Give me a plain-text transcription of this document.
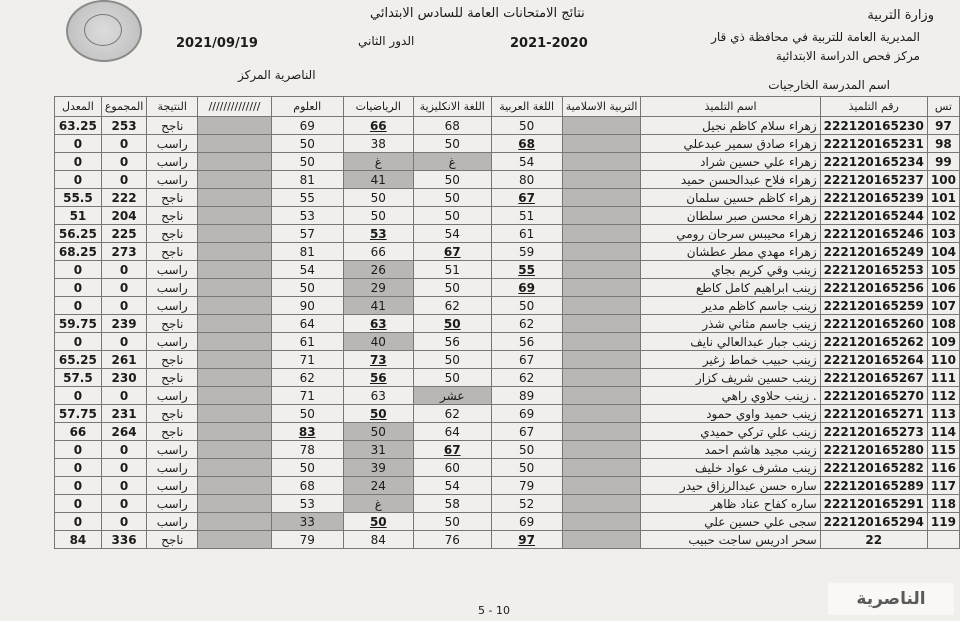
وزارة التربية
المديرية العامة للتربية في محافظة ذي قار
مركز فحص الدراسة الابتدائية
اسم المدرسة الخارجيات
نتائج الامتحانات العامة للسادس الابتدائي
الدور الثاني	2021-2020
2021/09/19
الناصرية المركز
المعدل	المجموع	النتيجة	//////////////	العلوم	الرياضيات	اللغة الانكليزية	اللغة العربية	التربية الاسلامية	اسم التلميذ	رقم التلميذ	تس
63.25	253	ناجح		69	66	68	50		زهراء سلام كاظم نجيل	222120165230	97
0	0	راسب		50	38	50	68		زهراء صادق سمير عبدعلي	222120165231	98
0	0	راسب		50	غ	غ	54		زهراء علي حسين شراد	222120165234	99
0	0	راسب		81	41	50	80		زهراء فلاح عبدالحسن حميد	222120165237	100
55.5	222	ناجح		55	50	50	67		زهراء كاظم حسين سلمان	222120165239	101
51	204	ناجح		53	50	50	51		زهراء محسن صبر سلطان	222120165244	102
56.25	225	ناجح		57	53	54	61		زهراء محيبس سرحان رومي	222120165246	103
68.25	273	ناجح		81	66	67	59		زهراء مهدي مطر عطشان	222120165249	104
0	0	راسب		54	26	51	55		زينب وقي كريم بجاي	222120165253	105
0	0	راسب		50	29	50	69		زينب ابراهيم كامل كاطع	222120165256	106
0	0	راسب		90	41	62	50		زينب جاسم كاظم مدير	222120165259	107
59.75	239	ناجح		64	63	50	62		زينب جاسم مثاني شذر	222120165260	108
0	0	راسب		61	40	56	56		زينب جبار عبدالعالي نايف	222120165262	109
65.25	261	ناجح		71	73	50	67		زينب حبيب خماط زغير	222120165264	110
57.5	230	ناجح		62	56	50	62		زينب حسين شريف كزار	222120165267	111
0	0	راسب		71	63	عشر	89		. زينب حلاوي راهي	222120165270	112
57.75	231	ناجح		50	50	62	69		زينب حميد واوي حمود	222120165271	113
66	264	ناجح		83	50	64	67		زينب علي تركي حميدي	222120165273	114
0	0	راسب		78	31	67	50		زينب مجيد هاشم احمد	222120165280	115
0	0	راسب		50	39	60	50		زينب مشرف عواد خليف	222120165282	116
0	0	راسب		68	24	54	79		ساره حسن عبدالرزاق حيدر	222120165289	117
0	0	راسب		53	غ	58	52		ساره كفاح عناد ظاهر	222120165291	118
0	0	راسب		33	50	50	69		سجى علي حسين علي	222120165294	119
84	336	ناجح		79	84	76	97		سحر ادريس ساجت حبيب	22	
5 - 10
الناصرية
